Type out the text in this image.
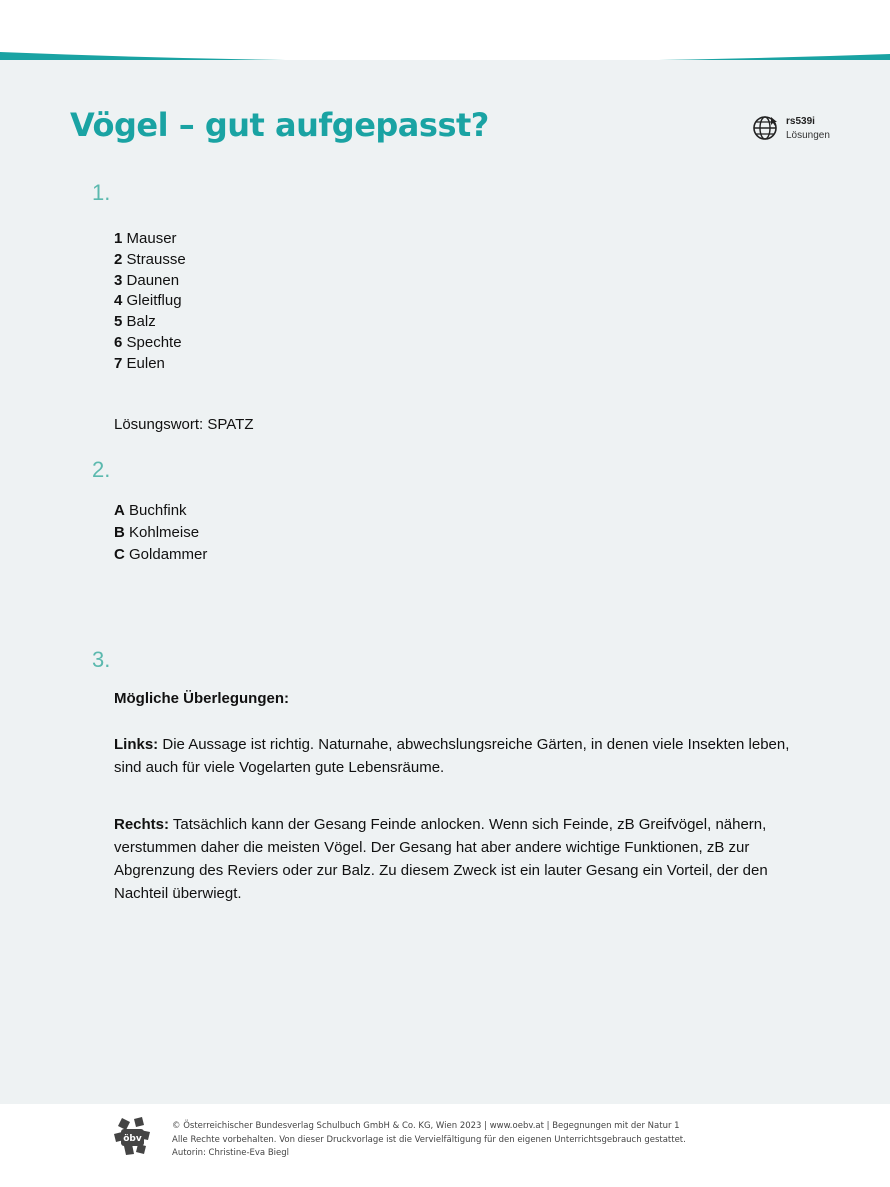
Vögel – gut aufgepasst?	rs539i
Lösungen
1.
1 Mauser
2 Strausse
3 Daunen
4 Gleitflug
5 Balz
6 Spechte
7 Eulen
Lösungswort: SPATZ
2.
A Buchfink
B Kohlmeise
C Goldammer
3.
Mögliche Überlegungen:

Links: Die Aussage ist richtig. Naturnahe, abwechslungsreiche Gärten, in denen viele Insekten leben, sind auch für viele Vogelarten gute Lebensräume.

Rechts: Tatsächlich kann der Gesang Feinde anlocken. Wenn sich Feinde, zB Greifvögel, nähern, verstummen daher die meisten Vögel. Der Gesang hat aber andere wichtige Funktionen, zB zur Abgrenzung des Reviers oder zur Balz. Zu diesem Zweck ist ein lauter Gesang ein Vorteil, der den Nachteil überwiegt.

öbv
© Österreichischer Bundesverlag Schulbuch GmbH & Co. KG, Wien 2023 | www.oebv.at | Begegnungen mit der Natur 1
Alle Rechte vorbehalten. Von dieser Druckvorlage ist die Vervielfältigung für den eigenen Unterrichtsgebrauch gestattet.
Autorin: Christine-Eva Biegl
